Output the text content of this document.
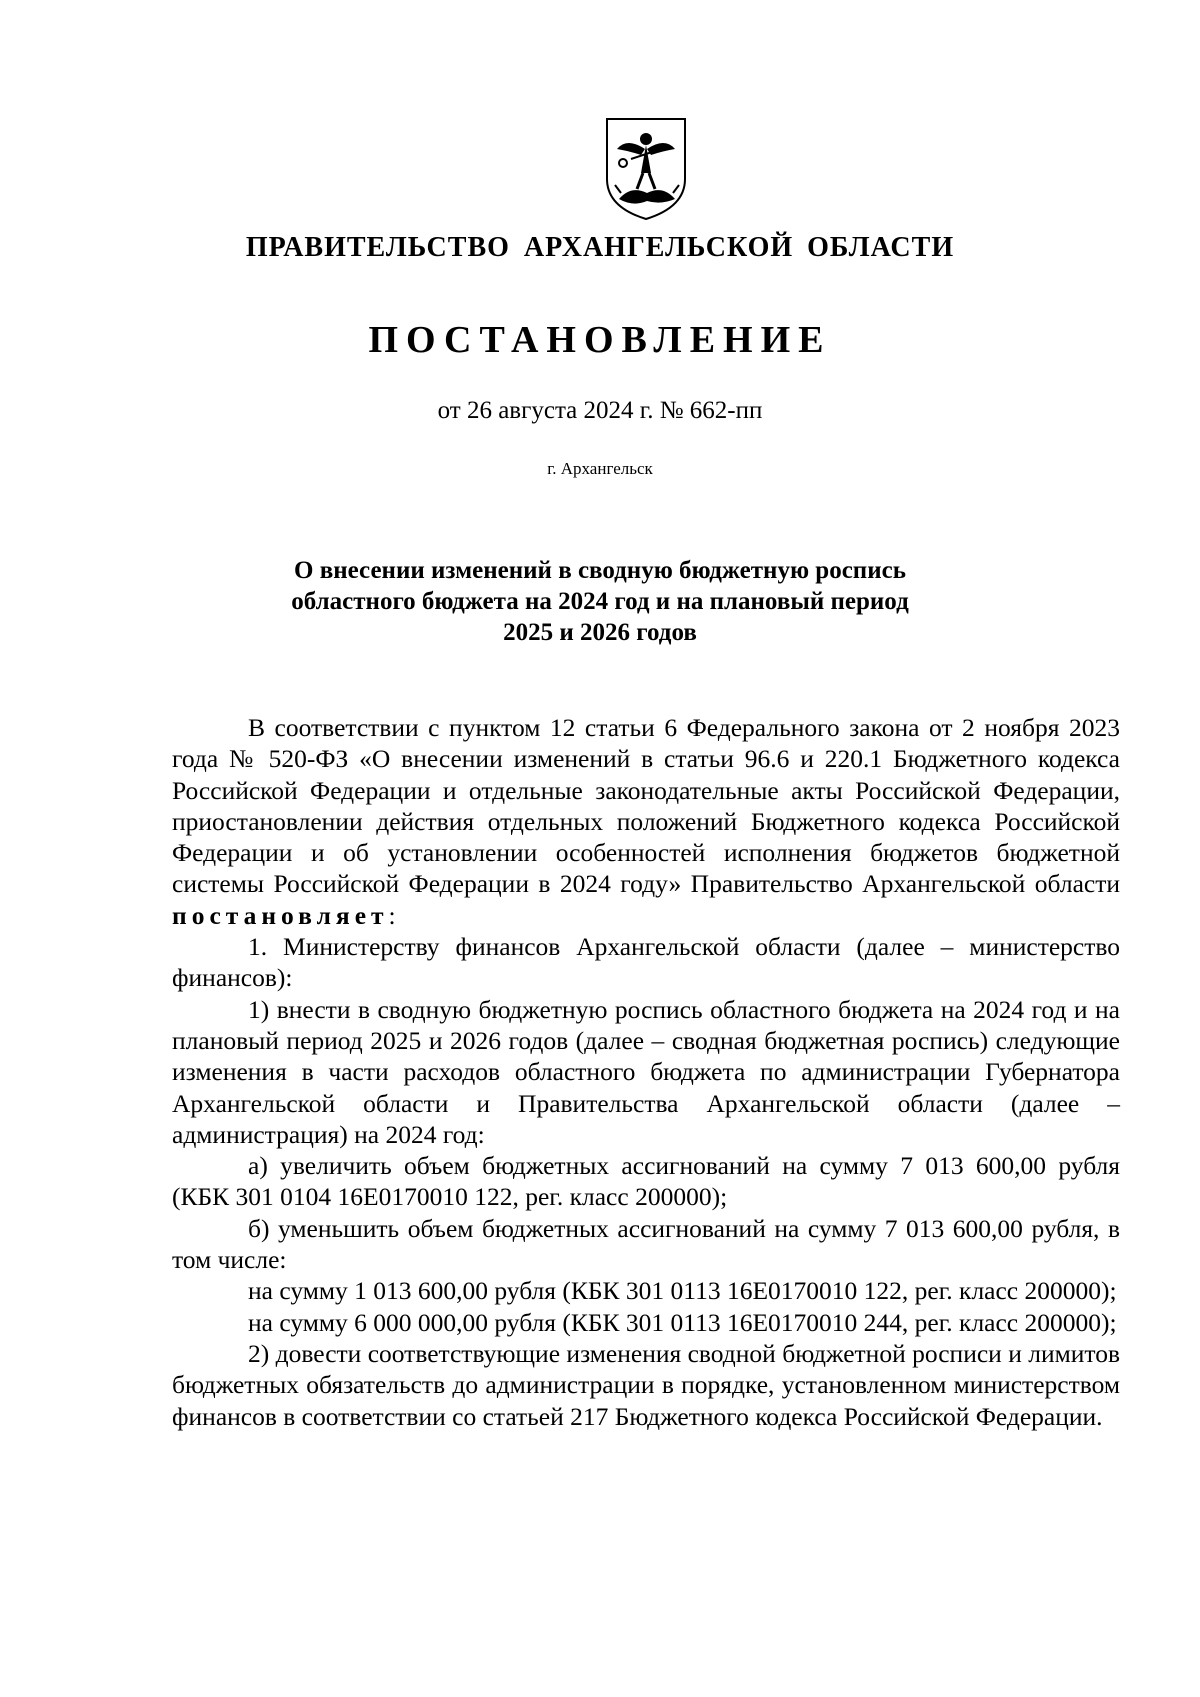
ПРАВИТЕЛЬСТВО АРХАНГЕЛЬСКОЙ ОБЛАСТИ
ПОСТАНОВЛЕНИЕ
от 26 августа 2024 г. № 662-пп
г. Архангельск
О внесении изменений в сводную бюджетную роспись
областного бюджета на 2024 год и на плановый период
2025 и 2026 годов

В соответствии с пунктом 12 статьи 6 Федерального закона от 2 ноября 2023 года № 520-ФЗ «О внесении изменений в статьи 96.6 и 220.1 Бюджетного кодекса Российской Федерации и отдельные законодательные акты Российской Федерации, приостановлении действия отдельных положений Бюджетного кодекса Российской Федерации и об установлении особенностей исполнения бюджетов бюджетной системы Российской Федерации в 2024 году» Правительство Архангельской области постановляет:

1. Министерству финансов Архангельской области (далее – министерство финансов):

1) внести в сводную бюджетную роспись областного бюджета на 2024 год и на плановый период 2025 и 2026 годов (далее – сводная бюджетная роспись) следующие изменения в части расходов областного бюджета по администрации Губернатора Архангельской области и Правительства Архангельской области (далее – администрация) на 2024 год:

а) увеличить объем бюджетных ассигнований на сумму 7 013 600,00 рубля (КБК 301 0104 16Е0170010 122, рег. класс 200000);

б) уменьшить объем бюджетных ассигнований на сумму 7 013 600,00 рубля, в том числе:

на сумму 1 013 600,00 рубля (КБК 301 0113 16Е0170010 122, рег. класс 200000);

на сумму 6 000 000,00 рубля (КБК 301 0113 16Е0170010 244, рег. класс 200000);

2) довести соответствующие изменения сводной бюджетной росписи и лимитов бюджетных обязательств до администрации в порядке, установленном министерством финансов в соответствии со статьей 217 Бюджетного кодекса Российской Федерации.
